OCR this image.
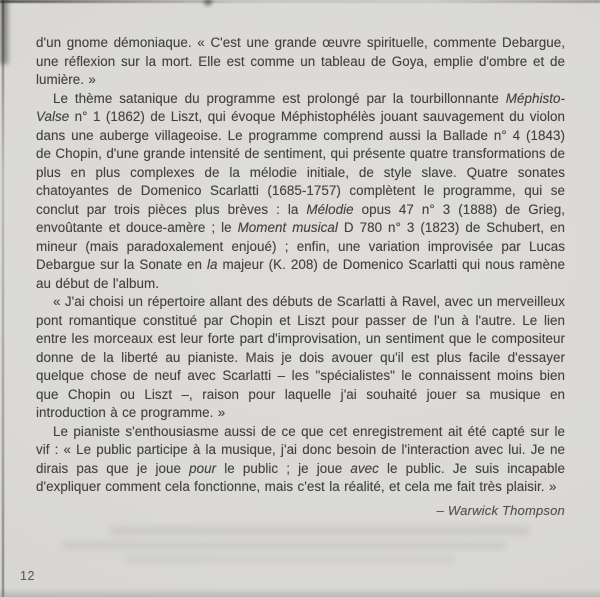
d'un gnome démoniaque. « C'est une grande œuvre spirituelle, commente Debargue, une réflexion sur la mort. Elle est comme un tableau de Goya, emplie d'ombre et de lumière. »

Le thème satanique du programme est prolongé par la tourbillonnante Méphisto-Valse n° 1 (1862) de Liszt, qui évoque Méphistophélès jouant sauvagement du violon dans une auberge villageoise. Le programme comprend aussi la Ballade n° 4 (1843) de Chopin, d'une grande intensité de sentiment, qui présente quatre transformations de plus en plus complexes de la mélodie initiale, de style slave. Quatre sonates chatoyantes de Domenico Scarlatti (1685-1757) complètent le programme, qui se conclut par trois pièces plus brèves : la Mélodie opus 47 n° 3 (1888) de Grieg, envoûtante et douce-amère ; le Moment musical D 780 n° 3 (1823) de Schubert, en mineur (mais paradoxalement enjoué) ; enfin, une variation improvisée par Lucas Debargue sur la Sonate en la majeur (K. 208) de Domenico Scarlatti qui nous ramène au début de l'album.

« J'ai choisi un répertoire allant des débuts de Scarlatti à Ravel, avec un merveilleux pont romantique constitué par Chopin et Liszt pour passer de l'un à l'autre. Le lien entre les morceaux est leur forte part d'improvisation, un sentiment que le compositeur donne de la liberté au pianiste. Mais je dois avouer qu'il est plus facile d'essayer quelque chose de neuf avec Scarlatti – les "spécialistes" le connaissent moins bien que Chopin ou Liszt –, raison pour laquelle j'ai souhaité jouer sa musique en introduction à ce programme. »

Le pianiste s'enthousiasme aussi de ce que cet enregistrement ait été capté sur le vif : « Le public participe à la musique, j'ai donc besoin de l'interaction avec lui. Je ne dirais pas que je joue pour le public ; je joue avec le public. Je suis incapable d'expliquer comment cela fonctionne, mais c'est la réalité, et cela me fait très plaisir. »

– Warwick Thompson

12
